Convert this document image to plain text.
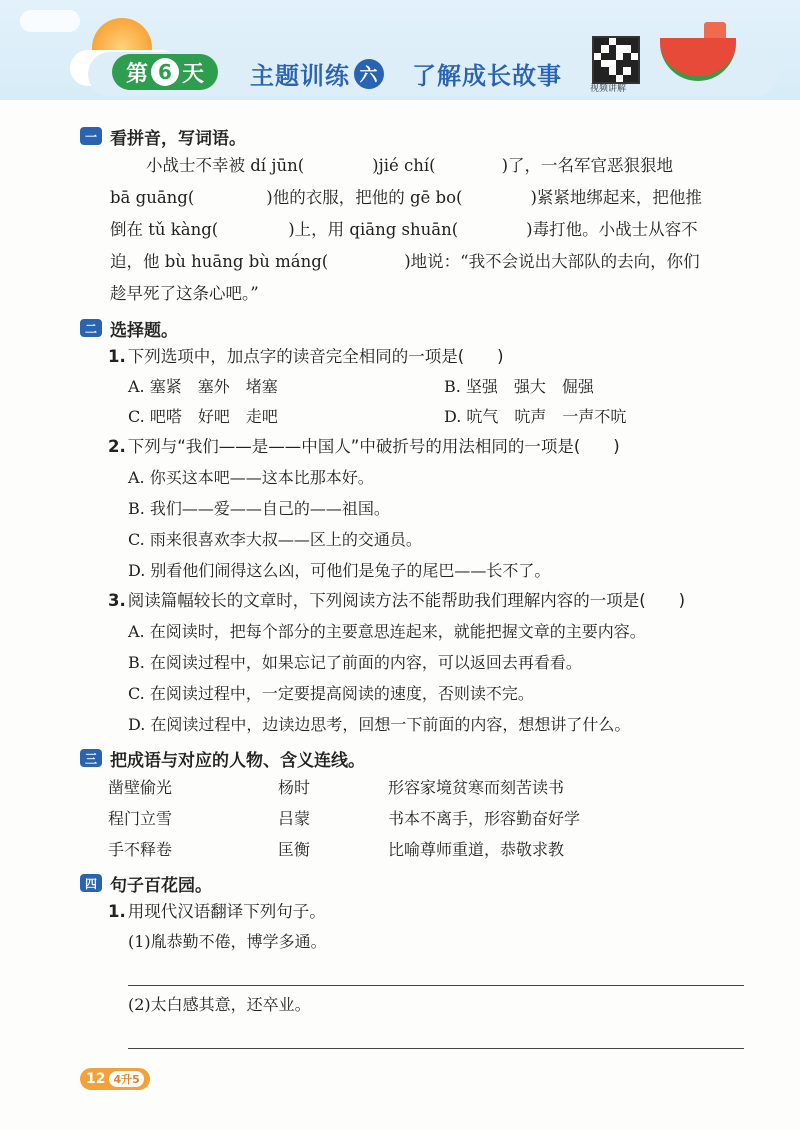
第 6 天 主题训练 六 了解成长故事	视频讲解
一 看拼音，写词语。
小战士不幸被 dí jūn(	)jié chí(	)了，一名军官恶狠狠地
bā guāng(	)他的衣服，把他的 gē bo(	)紧紧地绑起来，把他推
倒在 tǔ kàng(	)上，用 qiāng shuān(	)毒打他。小战士从容不
迫，他 bù huāng bù máng(	)地说：“我不会说出大部队的去向，你们
趁早死了这条心吧。”
二 选择题。
1. 下列选项中，加点字的读音完全相同的一项是(　　)
A. 塞紧　塞外　堵塞	B. 坚强　强大　倔强
C. 吧嗒　好吧　走吧	D. 吭气　吭声　一声不吭
2. 下列与“我们——是——中国人”中破折号的用法相同的一项是(　　)
A. 你买这本吧——这本比那本好。
B. 我们——爱——自己的——祖国。
C. 雨来很喜欢李大叔——区上的交通员。
D. 别看他们闹得这么凶，可他们是兔子的尾巴——长不了。
3. 阅读篇幅较长的文章时，下列阅读方法不能帮助我们理解内容的一项是(　　)
A. 在阅读时，把每个部分的主要意思连起来，就能把握文章的主要内容。
B. 在阅读过程中，如果忘记了前面的内容，可以返回去再看看。
C. 在阅读过程中，一定要提高阅读的速度，否则读不完。
D. 在阅读过程中，边读边思考，回想一下前面的内容，想想讲了什么。
三 把成语与对应的人物、含义连线。
凿壁偷光	杨时	形容家境贫寒而刻苦读书
程门立雪	吕蒙	书本不离手，形容勤奋好学
手不释卷	匡衡	比喻尊师重道，恭敬求教
四 句子百花园。
1. 用现代汉语翻译下列句子。
(1)胤恭勤不倦，博学多通。
(2)太白感其意，还卒业。
12 4升5
